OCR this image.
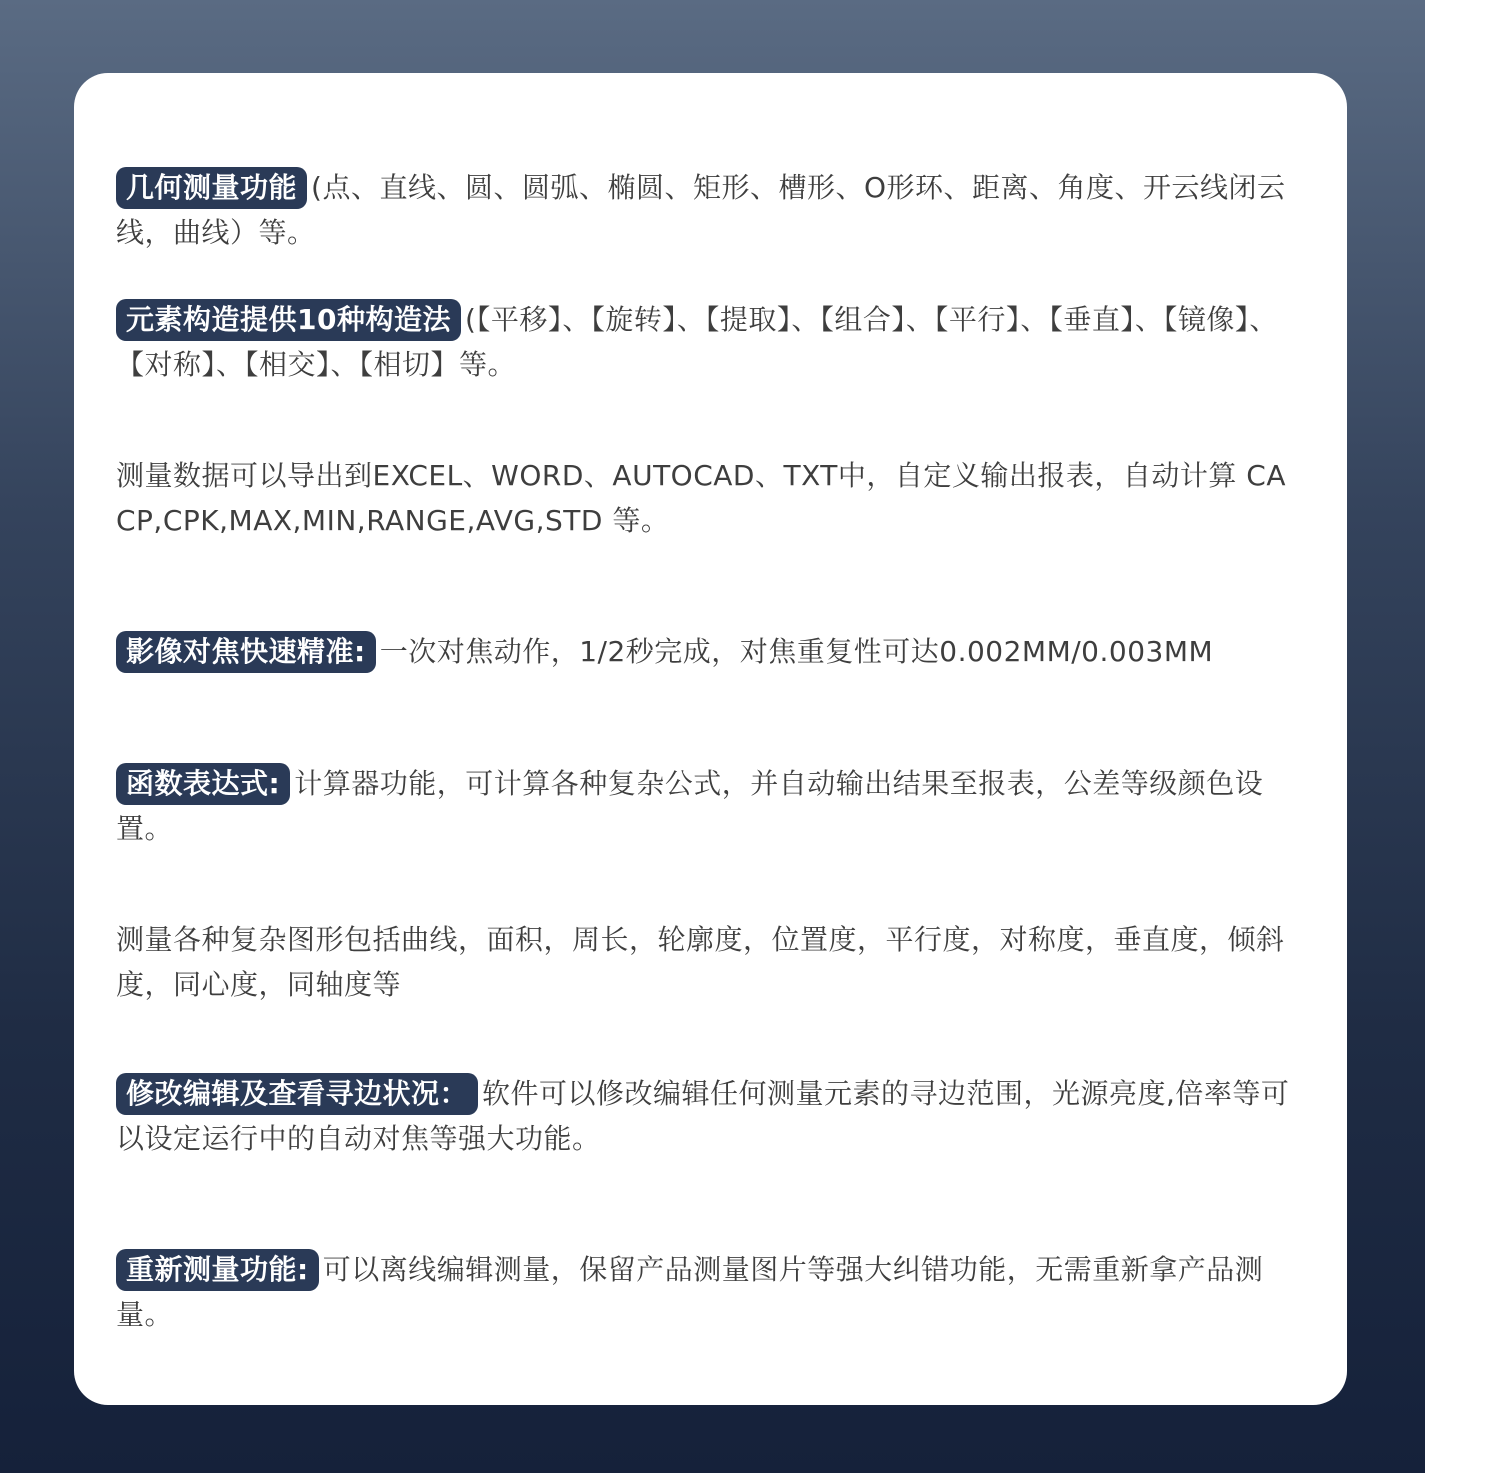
几何测量功能 (点、直线、圆、圆弧、椭圆、矩形、槽形、O形环、距离、角度、开云线闭云线，曲线）等。
元素构造提供10种构造法 (【平移】、【旋转】、【提取】、【组合】、【平行】、【垂直】、【镜像】、【对称】、【相交】、【相切】等。
测量数据可以导出到EXCEL、WORD、AUTOCAD、TXT中，自定义输出报表，自动计算 CA CP,CPK,MAX,MIN,RANGE,AVG,STD 等。
影像对焦快速精准: 一次对焦动作，1/2秒完成，对焦重复性可达0.002MM/0.003MM
函数表达式: 计算器功能，可计算各种复杂公式，并自动输出结果至报表，公差等级颜色设置。
测量各种复杂图形包括曲线，面积，周长，轮廓度，位置度，平行度，对称度，垂直度，倾斜度，同心度，同轴度等
修改编辑及查看寻边状况： 软件可以修改编辑任何测量元素的寻边范围，光源亮度,倍率等可以设定运行中的自动对焦等强大功能。
重新测量功能: 可以离线编辑测量，保留产品测量图片等强大纠错功能，无需重新拿产品测量。
